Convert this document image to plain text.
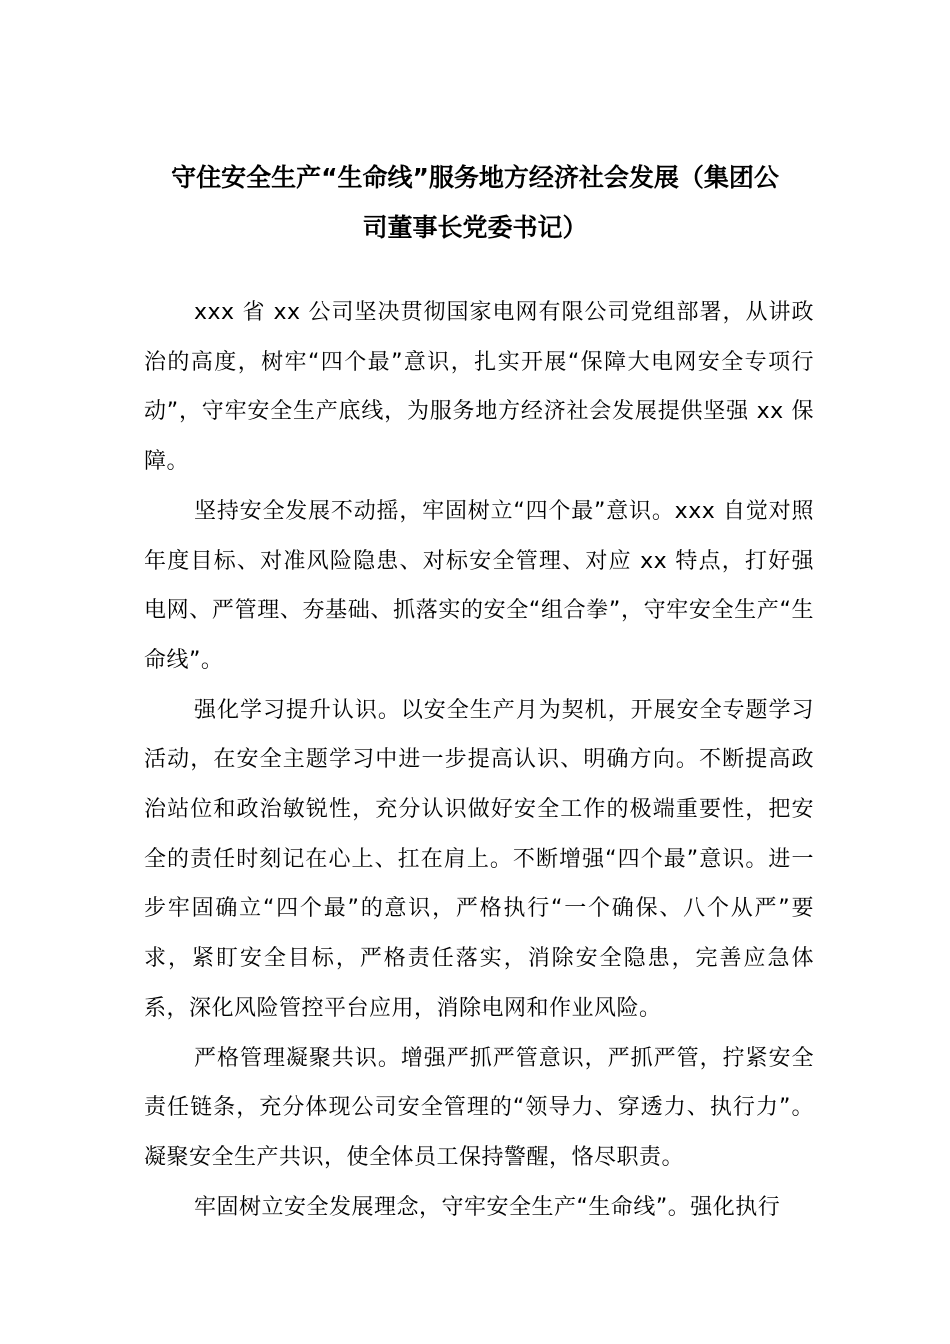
守住安全生产“生命线”服务地方经济社会发展（集团公
司董事长党委书记）

xxx 省 xx 公司坚决贯彻国家电网有限公司党组部署，从讲政治的高度，树牢“四个最”意识，扎实开展“保障大电网安全专项行动”，守牢安全生产底线，为服务地方经济社会发展提供坚强 xx 保障。

坚持安全发展不动摇，牢固树立“四个最”意识。xxx 自觉对照年度目标、对准风险隐患、对标安全管理、对应 xx 特点，打好强电网、严管理、夯基础、抓落实的安全“组合拳”，守牢安全生产“生命线”。

强化学习提升认识。以安全生产月为契机，开展安全专题学习活动，在安全主题学习中进一步提高认识、明确方向。不断提高政治站位和政治敏锐性，充分认识做好安全工作的极端重要性，把安全的责任时刻记在心上、扛在肩上。不断增强“四个最”意识。进一步牢固确立“四个最”的意识，严格执行“一个确保、八个从严”要求，紧盯安全目标，严格责任落实，消除安全隐患，完善应急体系，深化风险管控平台应用，消除电网和作业风险。

严格管理凝聚共识。增强严抓严管意识，严抓严管，拧紧安全责任链条，充分体现公司安全管理的“领导力、穿透力、执行力”。凝聚安全生产共识，使全体员工保持警醒，恪尽职责。

牢固树立安全发展理念，守牢安全生产“生命线”。强化执行
